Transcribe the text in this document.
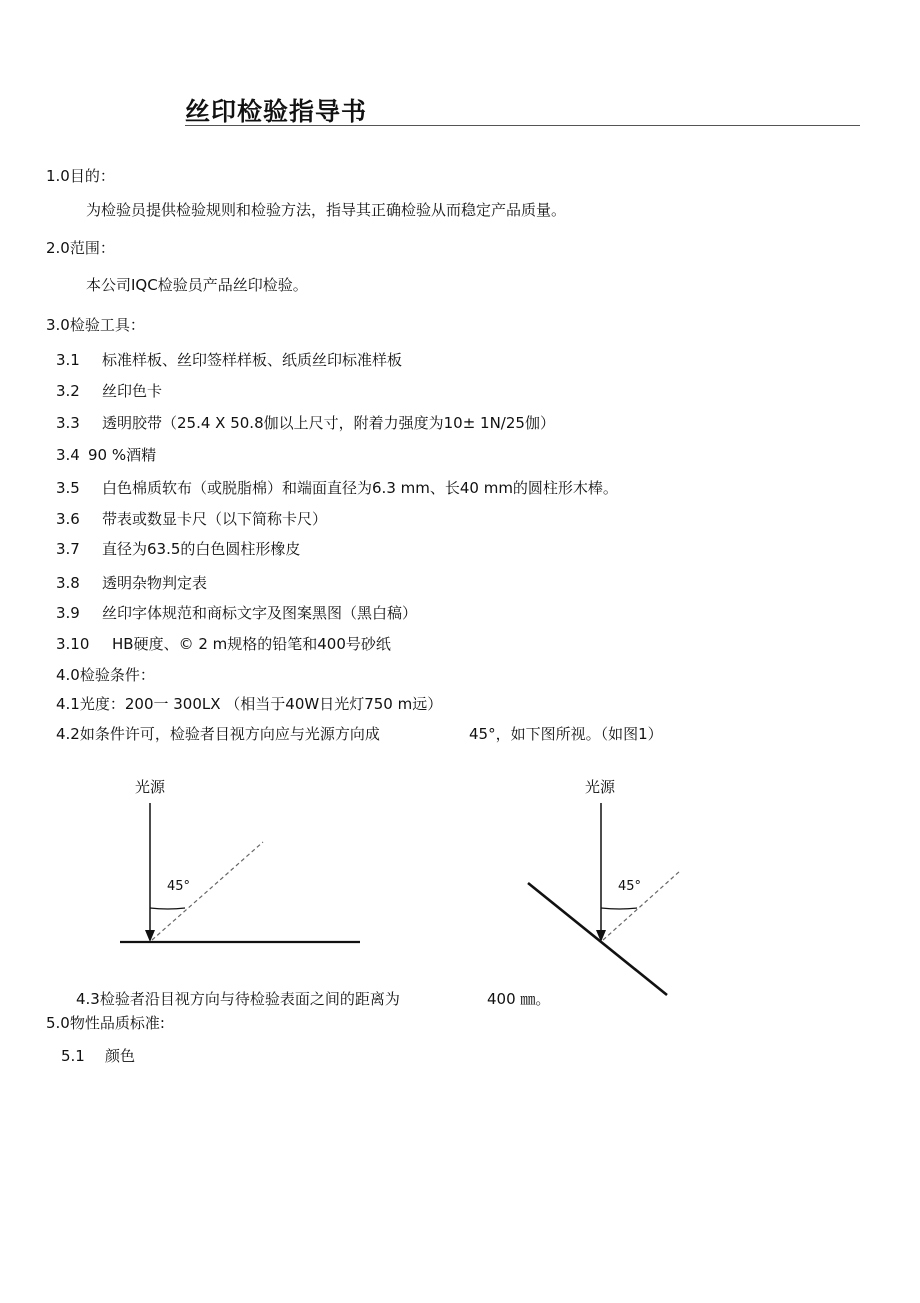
丝印检验指导书
1.0目的：
为检验员提供检验规则和检验方法，指导其正确检验从而稳定产品质量。
2.0范围：
本公司IQC检验员产品丝印检验。
3.0检验工具：
3.1 标准样板、丝印签样样板、纸质丝印标准样板
3.2 丝印色卡
3.3 透明胶带（25.4 X 50.8伽以上尺寸，附着力强度为10± 1N/25伽）
3.4 90 %酒精
3.5 白色棉质软布（或脱脂棉）和端面直径为6.3 mm、长40 mm的圆柱形木棒。
3.6 带表或数显卡尺（以下简称卡尺）
3.7 直径为63.5的白色圆柱形橡皮
3.8 透明杂物判定表
3.9 丝印字体规范和商标文字及图案黑图（黑白稿）
3.10 HB硬度、© 2 m规格的铅笔和400号砂纸
4.0检验条件：
4.1光度：200一 300LX （相当于40W日光灯750 m远）
4.2如条件许可，检验者目视方向应与光源方向成	45°，如下图所视。（如图1）
光源
45°
光源
45°
4.3检验者沿目视方向与待检验表面之间的距离为	400 ㎜。
5.0物性品质标准:
5.1 颜色
